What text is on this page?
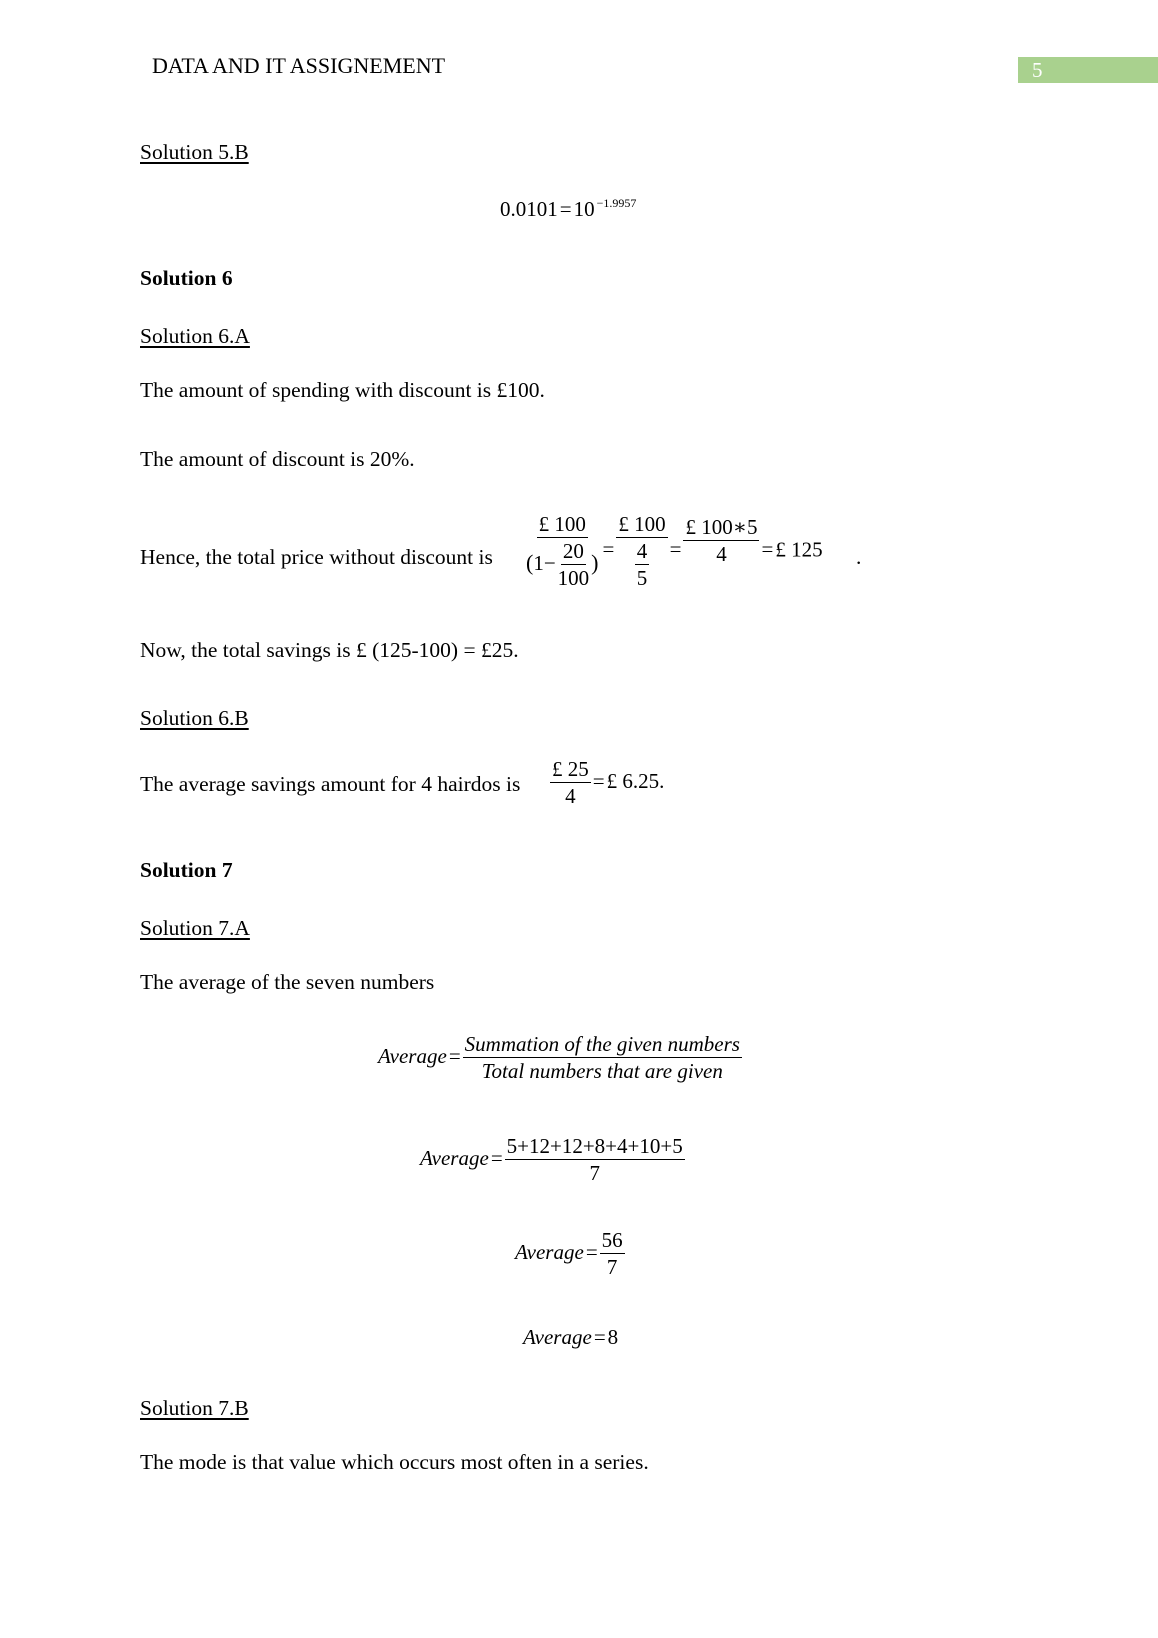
DATA AND IT ASSIGNEMENT	5
Solution 5.B
0.0101=10 $^{-1.9957}$
Solution 6
Solution 6.A
The amount of spending with discount is £100.
The amount of discount is 20%.
Hence, the total price without discount is $\frac{£ 100}{(1- \frac{20}{100} )} = \frac{£ 100}{\frac{4}{5}} = \frac{£ 100∗5}{4}$ =£ 125 .
Now, the total savings is £ (125-100) = £25.
Solution 6.B
The average savings amount for 4 hairdos is $\frac{£ 25}{4}$ =£ 6.25.
Solution 7
Solution 7.A
The average of the seven numbers
Average= $\frac{\text{Summation of the given numbers}}{\text{Total numbers that are given}}$
Average= $\frac{5+12+12+8+4+10+5}{7}$
Average= $\frac{56}{7}$
Average=8
Solution 7.B
The mode is that value which occurs most often in a series.
